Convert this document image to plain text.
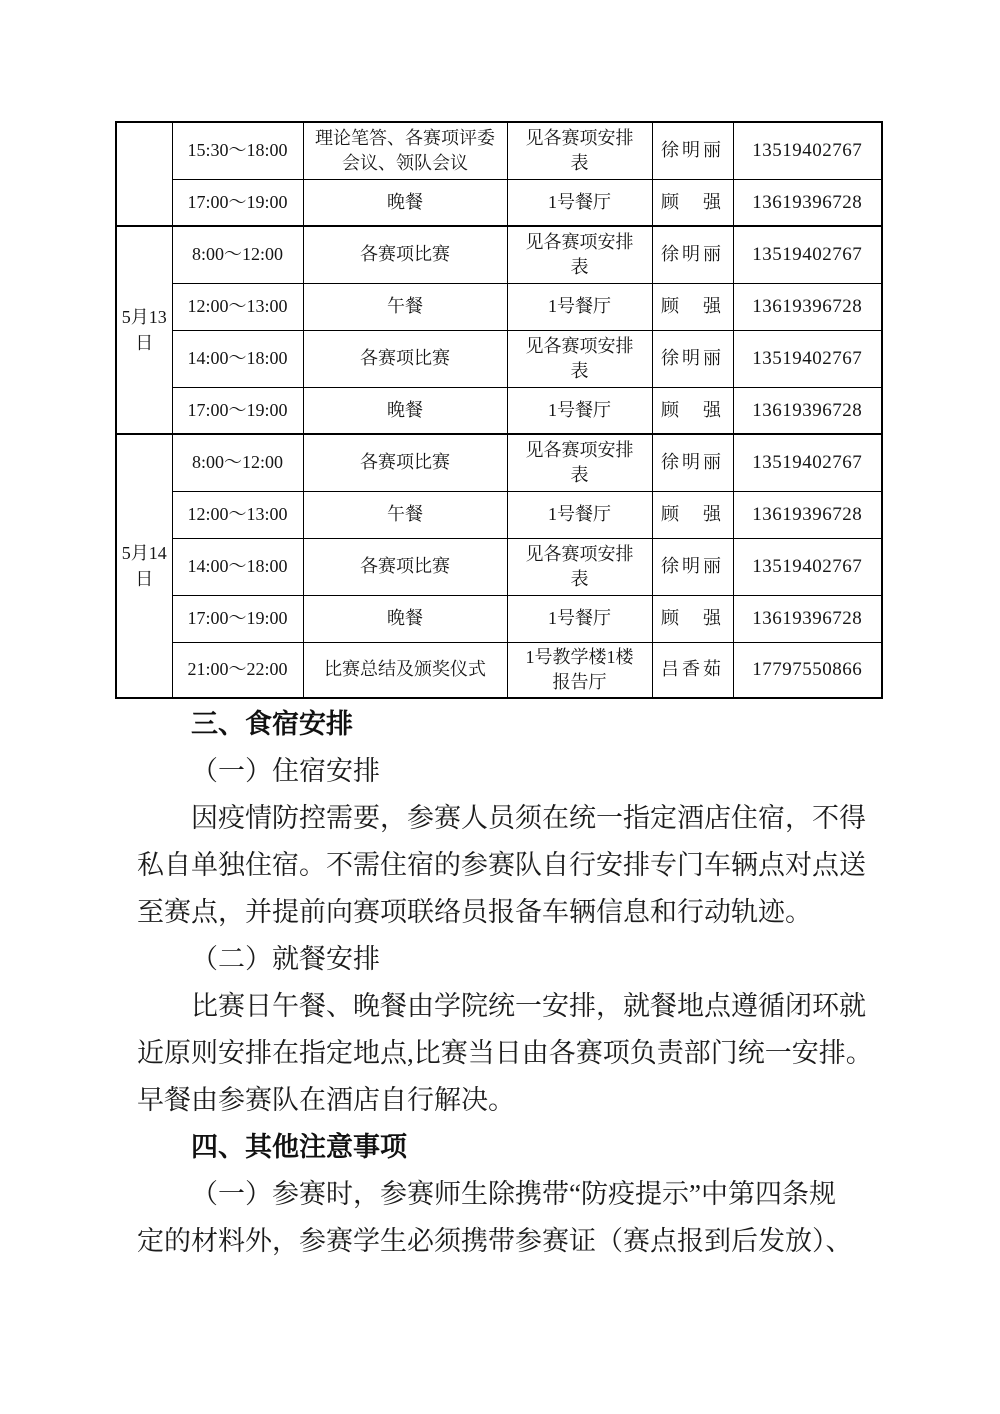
	15:30～18:00	理论笔答、各赛项评委会议、领队会议	见各赛项安排表	徐明丽	13519402767
	17:00～19:00	晚餐	1号餐厅	顾　强	13619396728
5月13日	8:00～12:00	各赛项比赛	见各赛项安排表	徐明丽	13519402767
	12:00～13:00	午餐	1号餐厅	顾　强	13619396728
	14:00～18:00	各赛项比赛	见各赛项安排表	徐明丽	13519402767
	17:00～19:00	晚餐	1号餐厅	顾　强	13619396728
5月14日	8:00～12:00	各赛项比赛	见各赛项安排表	徐明丽	13519402767
	12:00～13:00	午餐	1号餐厅	顾　强	13619396728
	14:00～18:00	各赛项比赛	见各赛项安排表	徐明丽	13519402767
	17:00～19:00	晚餐	1号餐厅	顾　强	13619396728
	21:00～22:00	比赛总结及颁奖仪式	1号教学楼1楼报告厅	吕香茹	17797550866
三、食宿安排
（一）住宿安排
因疫情防控需要，参赛人员须在统一指定酒店住宿，不得
私自单独住宿。不需住宿的参赛队自行安排专门车辆点对点送
至赛点，并提前向赛项联络员报备车辆信息和行动轨迹。
（二）就餐安排
比赛日午餐、晚餐由学院统一安排，就餐地点遵循闭环就
近原则安排在指定地点,比赛当日由各赛项负责部门统一安排。
早餐由参赛队在酒店自行解决。
四、其他注意事项
（一）参赛时，参赛师生除携带“防疫提示”中第四条规
定的材料外，参赛学生必须携带参赛证（赛点报到后发放）、
